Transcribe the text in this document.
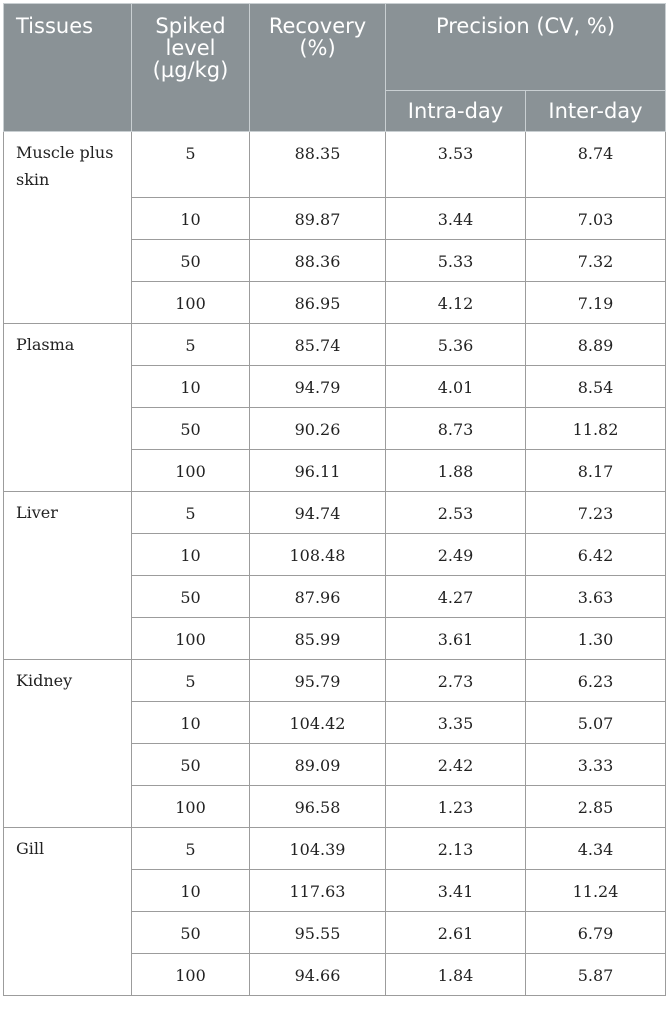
Tissues	Spiked level (µg/kg)	Recovery (%)	Precision (CV, %)	
			Intra-day	Inter-day
Muscle plus skin	5	88.35	3.53	8.74
	10	89.87	3.44	7.03
	50	88.36	5.33	7.32
	100	86.95	4.12	7.19
Plasma	5	85.74	5.36	8.89
	10	94.79	4.01	8.54
	50	90.26	8.73	11.82
	100	96.11	1.88	8.17
Liver	5	94.74	2.53	7.23
	10	108.48	2.49	6.42
	50	87.96	4.27	3.63
	100	85.99	3.61	1.30
Kidney	5	95.79	2.73	6.23
	10	104.42	3.35	5.07
	50	89.09	2.42	3.33
	100	96.58	1.23	2.85
Gill	5	104.39	2.13	4.34
	10	117.63	3.41	11.24
	50	95.55	2.61	6.79
	100	94.66	1.84	5.87
